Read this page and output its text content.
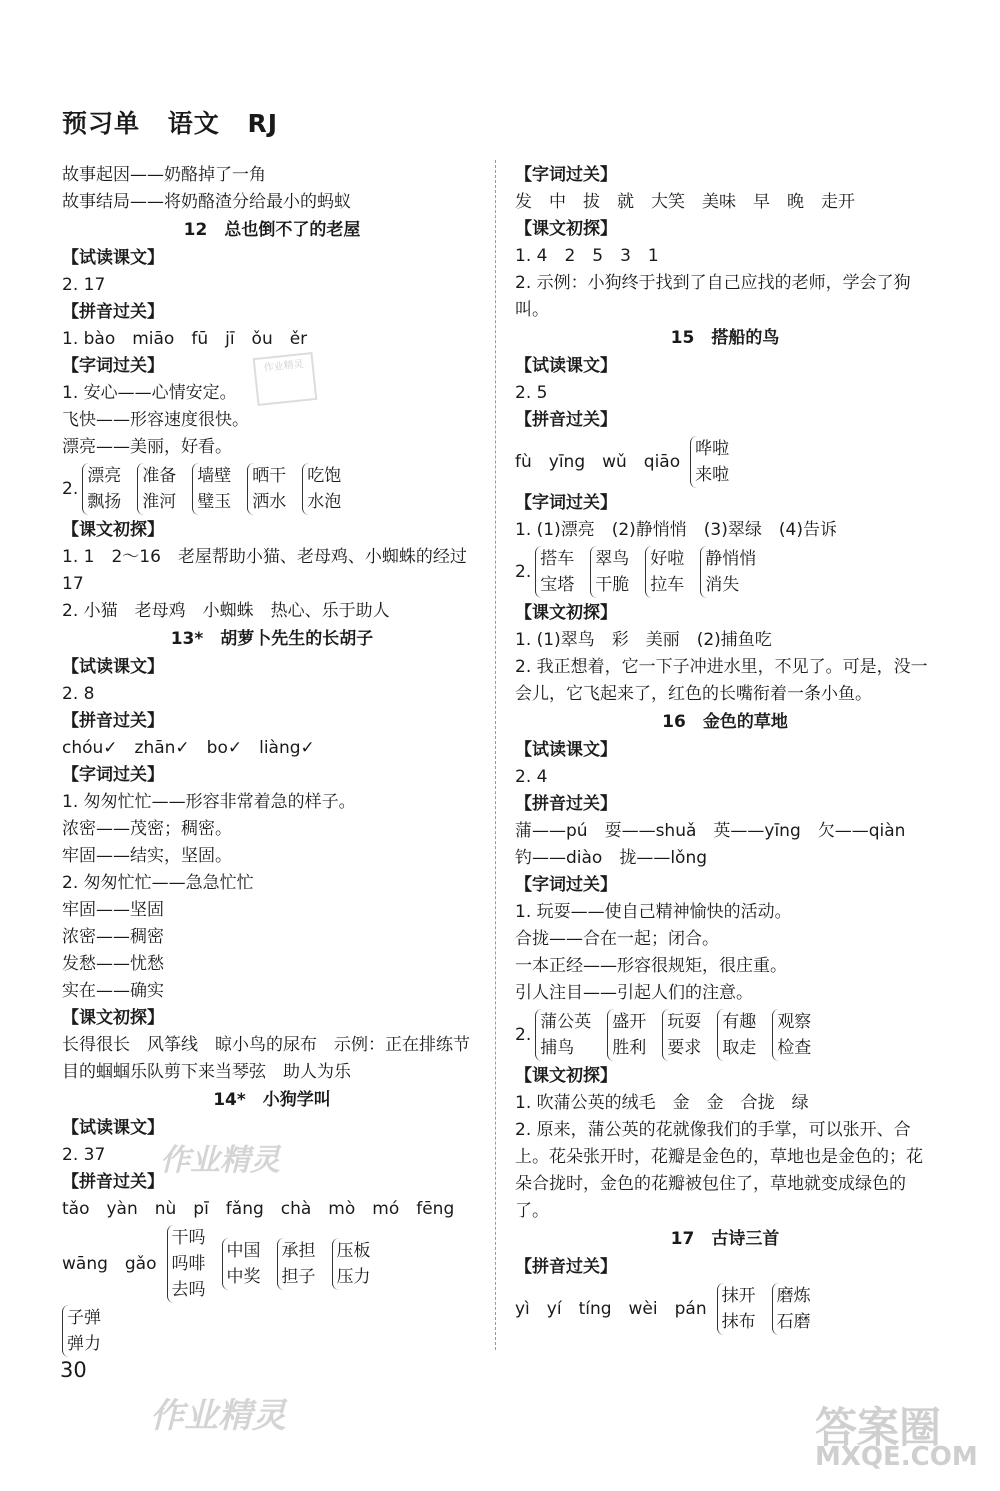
预习单 语文 RJ
故事起因——奶酪掉了一角
故事结局——将奶酪渣分给最小的蚂蚁
12　总也倒不了的老屋
【试读课文】
2. 17
【拼音过关】
1. bào　miāo　fū　jī　ǒu　ěr
【字词过关】
1. 安心——心情安定。
飞快——形容速度很快。
漂亮——美丽，好看。
2.
漂亮
飘扬
准备
淮河
墙壁
璧玉
晒干
洒水
吃饱
水泡
【课文初探】
1. 1　2～16　老屋帮助小猫、老母鸡、小蜘蛛的经过　17
2. 小猫　老母鸡　小蜘蛛　热心、乐于助人
13*　胡萝卜先生的长胡子
【试读课文】
2. 8
【拼音过关】
chóu✓　zhān✓　bo✓　liàng✓
【字词过关】
1. 匆匆忙忙——形容非常着急的样子。
浓密——茂密；稠密。
牢固——结实，坚固。
2. 匆匆忙忙——急急忙忙
牢固——坚固
浓密——稠密
发愁——忧愁
实在——确实
【课文初探】
长得很长　风筝线　晾小鸟的尿布　示例：正在排练节目的蝈蝈乐队剪下来当琴弦　助人为乐
14*　小狗学叫
【试读课文】
2. 37
【拼音过关】
tǎo　yàn　nù　pī　fǎng　chà　mò　mó　fēng
wāng　gǎo
干吗
吗啡
去吗
中国
中奖
承担
担子
压板
压力
子弹
弹力
【字词过关】
发　中　拔　就　大笑　美味　早　晚　走开
【课文初探】
1. 4　2　5　3　1
2. 示例：小狗终于找到了自己应找的老师，学会了狗叫。
15　搭船的鸟
【试读课文】
2. 5
【拼音过关】
fù　yīng　wǔ　qiāo
哗啦
来啦
【字词过关】
1. (1)漂亮　(2)静悄悄　(3)翠绿　(4)告诉
2.
搭车
宝塔
翠鸟
干脆
好啦
拉车
静悄悄
消失
【课文初探】
1. (1)翠鸟　彩　美丽　(2)捕鱼吃
2. 我正想着，它一下子冲进水里，不见了。可是，没一会儿，它飞起来了，红色的长嘴衔着一条小鱼。
16　金色的草地
【试读课文】
2. 4
【拼音过关】
蒲——pú　耍——shuǎ　英——yīng　欠——qiàn
钓——diào　拢——lǒng
【字词过关】
1. 玩耍——使自己精神愉快的活动。
合拢——合在一起；闭合。
一本正经——形容很规矩，很庄重。
引人注目——引起人们的注意。
2.
蒲公英
捕鸟
盛开
胜利
玩耍
要求
有趣
取走
观察
检查
【课文初探】
1. 吹蒲公英的绒毛　金　金　合拢　绿
2. 原来，蒲公英的花就像我们的手掌，可以张开、合上。花朵张开时，花瓣是金色的，草地也是金色的；花朵合拢时，金色的花瓣被包住了，草地就变成绿色的了。
17　古诗三首
【拼音过关】
yì　yí　tíng　wèi　pán
抹开
抹布
磨炼
石磨
30
作业精灵
作业精灵
作业精灵	答案圈
MXQE.COM
